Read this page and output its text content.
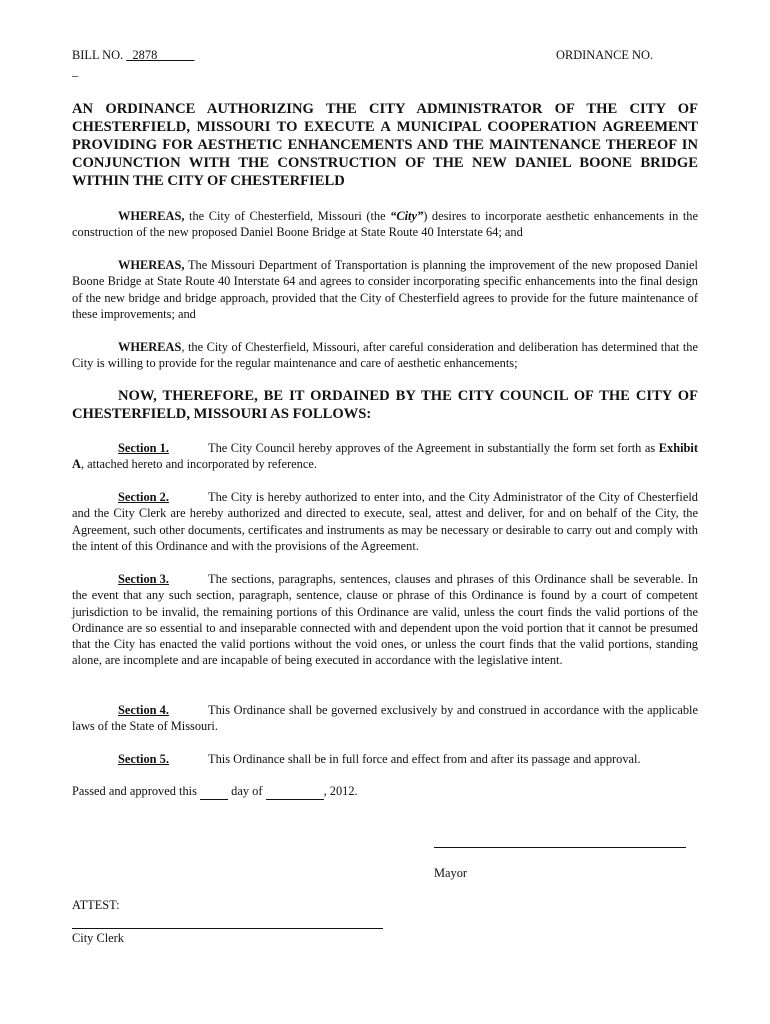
BILL NO. 2878
_
ORDINANCE NO.

AN ORDINANCE AUTHORIZING THE CITY ADMINISTRATOR OF THE CITY OF CHESTERFIELD, MISSOURI TO EXECUTE A MUNICIPAL COOPERATION AGREEMENT PROVIDING FOR AESTHETIC ENHANCEMENTS AND THE MAINTENANCE THEREOF IN CONJUNCTION WITH THE CONSTRUCTION OF THE NEW DANIEL BOONE BRIDGE WITHIN THE CITY OF CHESTERFIELD

WHEREAS, the City of Chesterfield, Missouri (the “City”) desires to incorporate aesthetic enhancements in the construction of the new proposed Daniel Boone Bridge at State Route 40 Interstate 64; and

WHEREAS, The Missouri Department of Transportation is planning the improvement of the new proposed Daniel Boone Bridge at State Route 40 Interstate 64 and agrees to consider incorporating specific enhancements into the final design of the new bridge and bridge approach, provided that the City of Chesterfield agrees to provide for the future maintenance of these improvements; and

WHEREAS, the City of Chesterfield, Missouri, after careful consideration and deliberation has determined that the City is willing to provide for the regular maintenance and care of aesthetic enhancements;

NOW, THEREFORE, BE IT ORDAINED BY THE CITY COUNCIL OF THE CITY OF CHESTERFIELD, MISSOURI AS FOLLOWS:

Section 1.	The City Council hereby approves of the Agreement in substantially the form set forth as Exhibit A, attached hereto and incorporated by reference.

Section 2.	The City is hereby authorized to enter into, and the City Administrator of the City of Chesterfield and the City Clerk are hereby authorized and directed to execute, seal, attest and deliver, for and on behalf of the City, the Agreement, such other documents, certificates and instruments as may be necessary or desirable to carry out and comply with the intent of this Ordinance and with the provisions of the Agreement.

Section 3.	The sections, paragraphs, sentences, clauses and phrases of this Ordinance shall be severable. In the event that any such section, paragraph, sentence, clause or phrase of this Ordinance is found by a court of competent jurisdiction to be invalid, the remaining portions of this Ordinance are valid, unless the court finds the valid portions of the Ordinance are so essential to and inseparable connected with and dependent upon the void portion that it cannot be presumed that the City has enacted the valid portions without the void ones, or unless the court finds that the valid portions, standing alone, are incomplete and are incapable of being executed in accordance with the legislative intent.

Section 4.	This Ordinance shall be governed exclusively by and construed in accordance with the applicable laws of the State of Missouri.

Section 5.	This Ordinance shall be in full force and effect from and after its passage and approval.

Passed and approved this	day of	, 2012.
Mayor
ATTEST:
City Clerk
